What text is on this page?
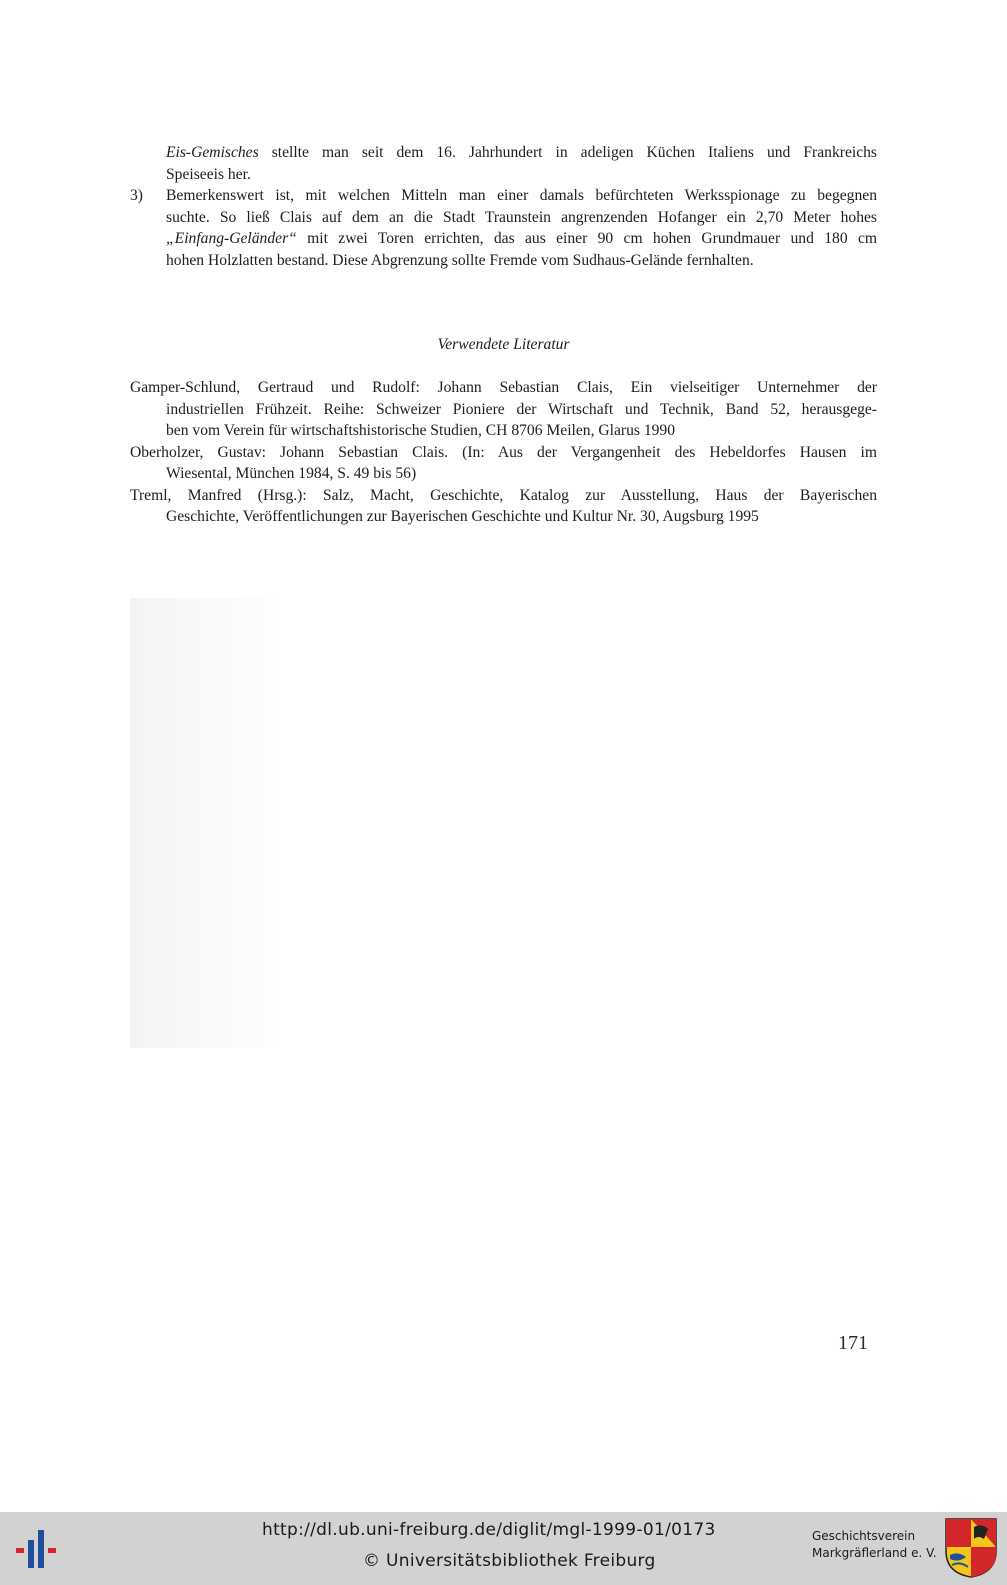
Eis-Gemisches stellte man seit dem 16. Jahrhundert in adeligen Küchen Italiens und Frankreichs
Speiseeis her.
3)	Bemerkenswert ist, mit welchen Mitteln man einer damals befürchteten Werksspionage zu begegnen
suchte. So ließ Clais auf dem an die Stadt Traunstein angrenzenden Hofanger ein 2,70 Meter hohes
„Einfang-Geländer“ mit zwei Toren errichten, das aus einer 90 cm hohen Grundmauer und 180 cm
hohen Holzlatten bestand. Diese Abgrenzung sollte Fremde vom Sudhaus-Gelände fernhalten.
Verwendete Literatur
Gamper-Schlund, Gertraud und Rudolf: Johann Sebastian Clais, Ein vielseitiger Unternehmer der
industriellen Frühzeit. Reihe: Schweizer Pioniere der Wirtschaft und Technik, Band 52, herausgege-
ben vom Verein für wirtschaftshistorische Studien, CH 8706 Meilen, Glarus 1990
Oberholzer, Gustav: Johann Sebastian Clais. (In: Aus der Vergangenheit des Hebeldorfes Hausen im
Wiesental, München 1984, S. 49 bis 56)
Treml, Manfred (Hrsg.): Salz, Macht, Geschichte, Katalog zur Ausstellung, Haus der Bayerischen
Geschichte, Veröffentlichungen zur Bayerischen Geschichte und Kultur Nr. 30, Augsburg 1995
171
http://dl.ub.uni-freiburg.de/diglit/mgl-1999-01/0173
© Universitätsbibliothek Freiburg
Geschichtsverein
Markgräflerland e. V.
